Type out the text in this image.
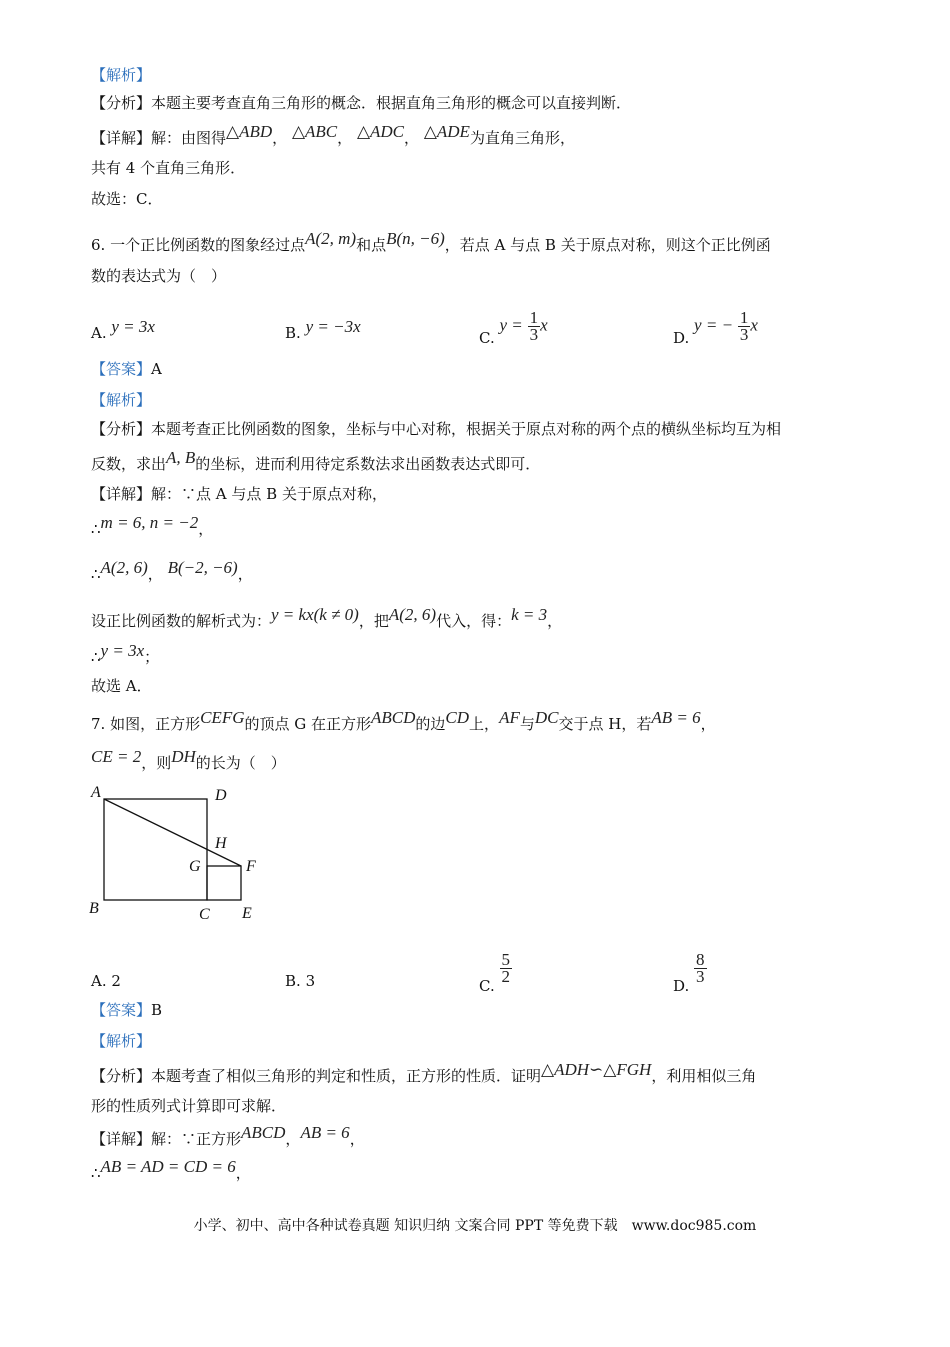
【解析】
【分析】本题主要考查直角三角形的概念．根据直角三角形的概念可以直接判断．
【详解】解：由图得△ABD， △ABC， △ADC， △ADE为直角三角形，
共有 4 个直角三角形．
故选：C．
6. 一个正比例函数的图象经过点A(2, m)和点B(n, −6)，若点 A 与点 B 关于原点对称，则这个正比例函
数的表达式为（　）
A. y = 3x	B. y = −3x
C. $y = \frac{1}{3}$ x
D. y = − $\frac{1}{3}$ x
【答案】A
【解析】
【分析】本题考查正比例函数的图象，坐标与中心对称，根据关于原点对称的两个点的横纵坐标均互为相
反数，求出A, B的坐标，进而利用待定系数法求出函数表达式即可．
【详解】解：∵点 A 与点 B 关于原点对称，
∴m = 6, n = −2，
∴A(2, 6)， B(−2, −6)，
设正比例函数的解析式为：y = kx(k ≠ 0)，把A(2, 6)代入，得：k = 3，
∴y = 3x；
故选 A．
7. 如图，正方形CEFG的顶点 G 在正方形ABCD的边CD上，AF与DC交于点 H，若AB = 6，
CE = 2，则DH的长为（　）
A	D
H
G	F
B	C E
A. 2	B. 3	C.
$\frac{5}{2}$
D.
$\frac{8}{3}$
【答案】B
【解析】
【分析】本题考查了相似三角形的判定和性质，正方形的性质．证明△ADH∽△FGH，利用相似三角
形的性质列式计算即可求解．
【详解】解：∵正方形ABCD，AB = 6，
∴AB = AD = CD = 6，
小学、初中、高中各种试卷真题 知识归纳 文案合同 PPT 等免费下载　www.doc985.com
